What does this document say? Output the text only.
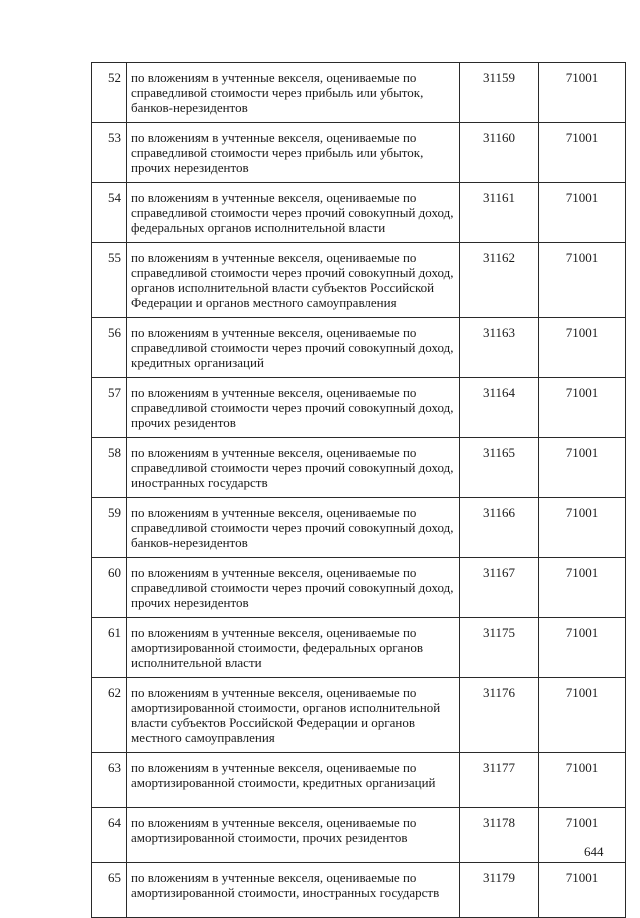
52	по вложениям в учтенные векселя, оцениваемые по справедливой стоимости через прибыль или убыток, банков-нерезидентов	31159	71001
53	по вложениям в учтенные векселя, оцениваемые по справедливой стоимости через прибыль или убыток, прочих нерезидентов	31160	71001
54	по вложениям в учтенные векселя, оцениваемые по справедливой стоимости через прочий совокупный доход, федеральных органов исполнительной власти	31161	71001
55	по вложениям в учтенные векселя, оцениваемые по справедливой стоимости через прочий совокупный доход, органов исполнительной власти субъектов Российской Федерации и органов местного самоуправления	31162	71001
56	по вложениям в учтенные векселя, оцениваемые по справедливой стоимости через прочий совокупный доход, кредитных организаций	31163	71001
57	по вложениям в учтенные векселя, оцениваемые по справедливой стоимости через прочий совокупный доход, прочих резидентов	31164	71001
58	по вложениям в учтенные векселя, оцениваемые по справедливой стоимости через прочий совокупный доход, иностранных государств	31165	71001
59	по вложениям в учтенные векселя, оцениваемые по справедливой стоимости через прочий совокупный доход, банков-нерезидентов	31166	71001
60	по вложениям в учтенные векселя, оцениваемые по справедливой стоимости через прочий совокупный доход, прочих нерезидентов	31167	71001
61	по вложениям в учтенные векселя, оцениваемые по амортизированной стоимости, федеральных органов исполнительной власти	31175	71001
62	по вложениям в учтенные векселя, оцениваемые по амортизированной стоимости, органов исполнительной власти субъектов Российской Федерации и органов местного самоуправления	31176	71001
63	по вложениям в учтенные векселя, оцениваемые по амортизированной стоимости, кредитных организаций	31177	71001
64	по вложениям в учтенные векселя, оцениваемые по амортизированной стоимости, прочих резидентов	31178	71001
65	по вложениям в учтенные векселя, оцениваемые по амортизированной стоимости, иностранных государств	31179	71001
644
